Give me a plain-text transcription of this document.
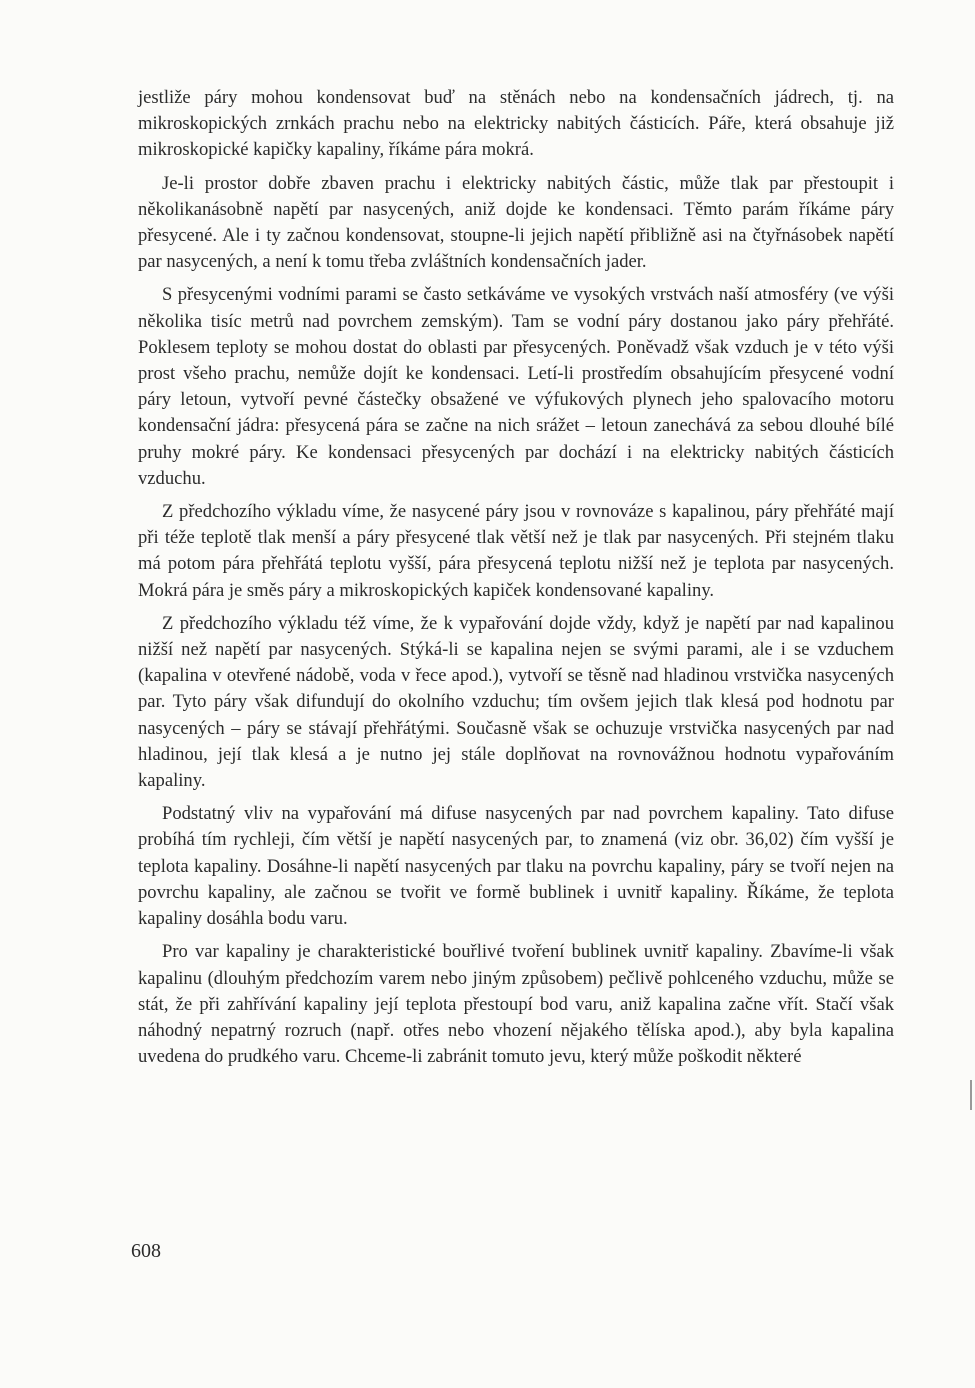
jestliže páry mohou kondensovat buď na stěnách nebo na kondensačních jádrech, tj. na mikroskopických zrnkách prachu nebo na elektricky nabitých částicích. Páře, která obsahuje již mikroskopické kapičky kapaliny, říkáme pára mokrá.

Je-li prostor dobře zbaven prachu i elektricky nabitých částic, může tlak par přestoupit i několikanásobně napětí par nasycených, aniž dojde ke kondensaci. Těmto parám říkáme páry přesycené. Ale i ty začnou kondensovat, stoupne-li jejich napětí přibližně asi na čtyřnásobek napětí par nasycených, a není k tomu třeba zvláštních kondensačních jader.

S přesycenými vodními parami se často setkáváme ve vysokých vrstvách naší atmosféry (ve výši několika tisíc metrů nad povrchem zemským). Tam se vodní páry dostanou jako páry přehřáté. Poklesem teploty se mohou dostat do oblasti par přesycených. Poněvadž však vzduch je v této výši prost všeho prachu, nemůže dojít ke kondensaci. Letí-li prostředím obsahujícím přesycené vodní páry letoun, vytvoří pevné částečky obsažené ve výfukových plynech jeho spalovacího motoru kondensační jádra: přesycená pára se začne na nich srážet – letoun zanechává za sebou dlouhé bílé pruhy mokré páry. Ke kondensaci přesycených par dochází i na elektricky nabitých částicích vzduchu.

Z předchozího výkladu víme, že nasycené páry jsou v rovnováze s kapalinou, páry přehřáté mají při téže teplotě tlak menší a páry přesycené tlak větší než je tlak par nasycených. Při stejném tlaku má potom pára přehřátá teplotu vyšší, pára přesycená teplotu nižší než je teplota par nasycených. Mokrá pára je směs páry a mikroskopických kapiček kondensované kapaliny.

Z předchozího výkladu též víme, že k vypařování dojde vždy, když je napětí par nad kapalinou nižší než napětí par nasycených. Stýká-li se kapalina nejen se svými parami, ale i se vzduchem (kapalina v otevřené nádobě, voda v řece apod.), vytvoří se těsně nad hladinou vrstvička nasycených par. Tyto páry však difundují do okolního vzduchu; tím ovšem jejich tlak klesá pod hodnotu par nasycených – páry se stávají přehřátými. Současně však se ochuzuje vrstvička nasycených par nad hladinou, její tlak klesá a je nutno jej stále doplňovat na rovnovážnou hodnotu vypařováním kapaliny.

Podstatný vliv na vypařování má difuse nasycených par nad povrchem kapaliny. Tato difuse probíhá tím rychleji, čím větší je napětí nasycených par, to znamená (viz obr. 36,02) čím vyšší je teplota kapaliny. Dosáhne-li napětí nasycených par tlaku na povrchu kapaliny, páry se tvoří nejen na povrchu kapaliny, ale začnou se tvořit ve formě bublinek i uvnitř kapaliny. Říkáme, že teplota kapaliny dosáhla bodu varu.

Pro var kapaliny je charakteristické bouřlivé tvoření bublinek uvnitř kapaliny. Zbavíme-li však kapalinu (dlouhým předchozím varem nebo jiným způsobem) pečlivě pohlceného vzduchu, může se stát, že při zahřívání kapaliny její teplota přestoupí bod varu, aniž kapalina začne vřít. Stačí však náhodný nepatrný rozruch (např. otřes nebo vhození nějakého tělíska apod.), aby byla kapalina uvedena do prudkého varu. Chceme-li zabránit tomuto jevu, který může poškodit některé

608
